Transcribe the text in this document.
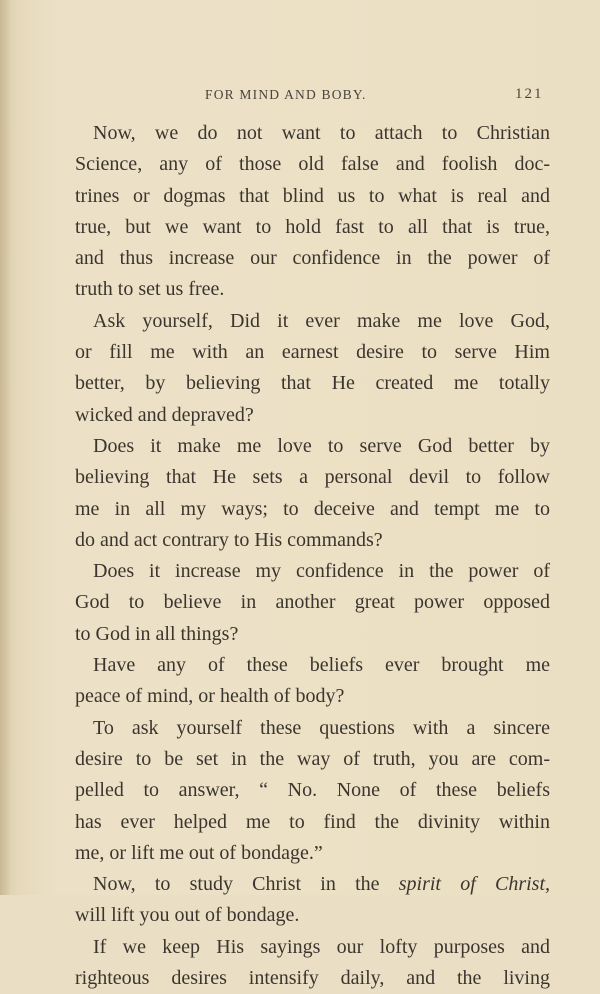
FOR MIND AND BOBY.	121
Now, we do not want to attach to Christian
Science, any of those old false and foolish doc-
trines or dogmas that blind us to what is real and
true, but we want to hold fast to all that is true,
and thus increase our confidence in the power of
truth to set us free.
Ask yourself, Did it ever make me love God,
or fill me with an earnest desire to serve Him
better, by believing that He created me totally
wicked and depraved?
Does it make me love to serve God better by
believing that He sets a personal devil to follow
me in all my ways; to deceive and tempt me to
do and act contrary to His commands?
Does it increase my confidence in the power of
God to believe in another great power opposed
to God in all things?
Have any of these beliefs ever brought me
peace of mind, or health of body?
To ask yourself these questions with a sincere
desire to be set in the way of truth, you are com-
pelled to answer, “ No. None of these beliefs
has ever helped me to find the divinity within
me, or lift me out of bondage.”
Now, to study Christ in the spirit of Christ,
will lift you out of bondage.
If we keep His sayings our lofty purposes and
righteous desires intensify daily, and the living
